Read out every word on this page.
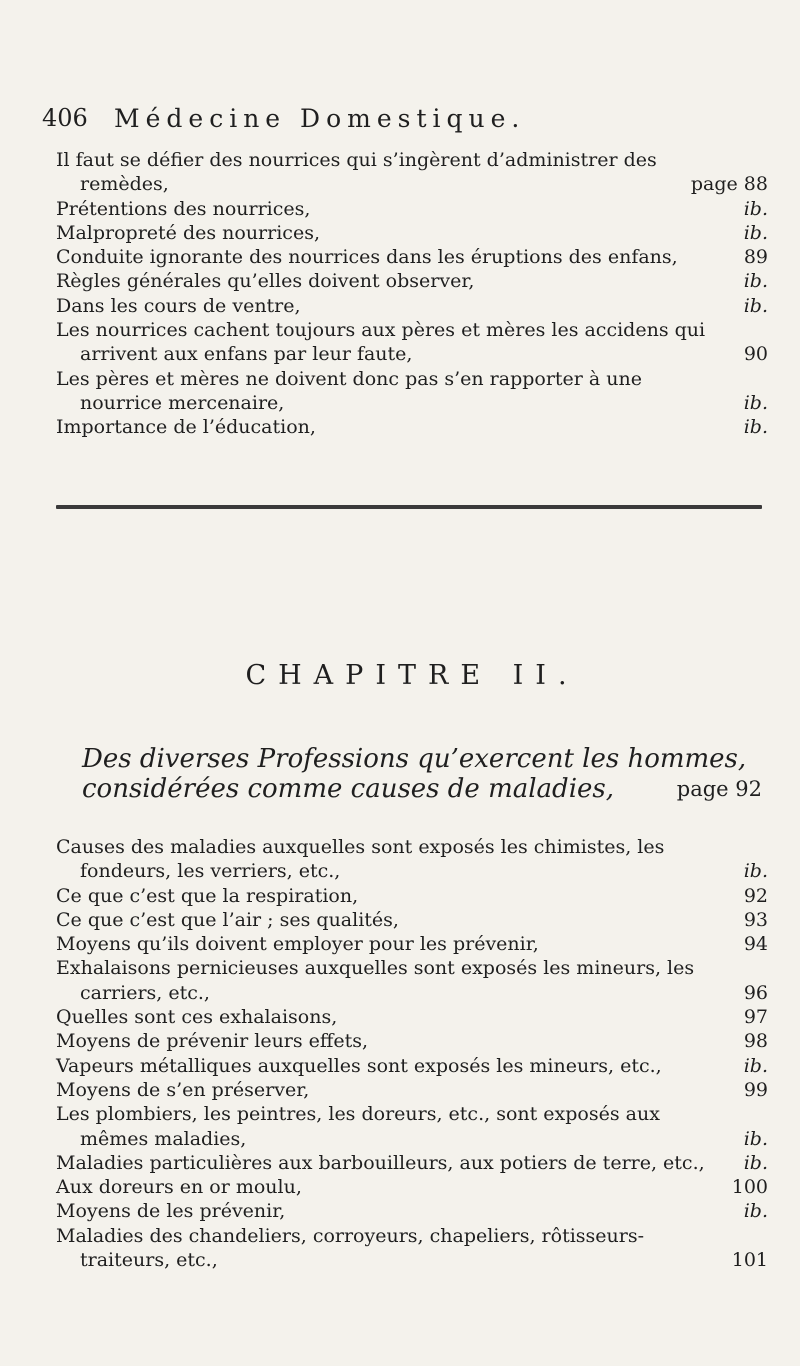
406 Médecine Domestique.
Il faut se défier des nourrices qui s’ingèrent d’administrer des remèdes,	page 88
Prétentions des nourrices,	ib.
Malpropreté des nourrices,	ib.
Conduite ignorante des nourrices dans les éruptions des enfans,	89
Règles générales qu’elles doivent observer,	ib.
Dans les cours de ventre,	ib.
Les nourrices cachent toujours aux pères et mères les accidens qui arrivent aux enfans par leur faute,	90
Les pères et mères ne doivent donc pas s’en rapporter à une nourrice mercenaire,	ib.
Importance de l’éducation,	ib.
CHAPITRE II.
Des diverses Professions qu’exercent les hommes, considérées comme causes de maladies,	page 92
Causes des maladies auxquelles sont exposés les chimistes, les fondeurs, les verriers, etc.,	ib.
Ce que c’est que la respiration,	92
Ce que c’est que l’air ; ses qualités,	93
Moyens qu’ils doivent employer pour les prévenir,	94
Exhalaisons pernicieuses auxquelles sont exposés les mineurs, les carriers, etc.,	96
Quelles sont ces exhalaisons,	97
Moyens de prévenir leurs effets,	98
Vapeurs métalliques auxquelles sont exposés les mineurs, etc.,	ib.
Moyens de s’en préserver,	99
Les plombiers, les peintres, les doreurs, etc., sont exposés aux mêmes maladies,	ib.
Maladies particulières aux barbouilleurs, aux potiers de terre, etc.,	ib.
Aux doreurs en or moulu,	100
Moyens de les prévenir,	ib.
Maladies des chandeliers, corroyeurs, chapeliers, rôtisseurs-traiteurs, etc.,	101
